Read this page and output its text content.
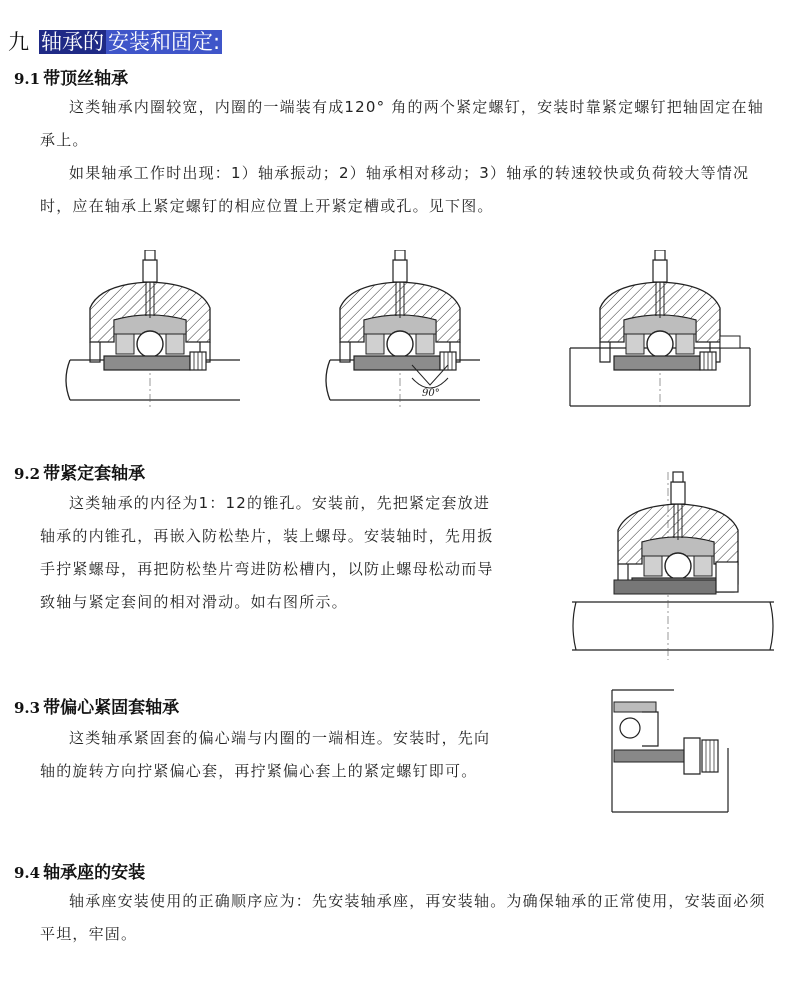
九 轴承的 安装和固定:
9.1 带顶丝轴承
这类轴承内圈较宽，内圈的一端装有成120° 角的两个紧定螺钉，安装时靠紧定螺钉把轴固定在轴承上。
如果轴承工作时出现：1）轴承振动；2）轴承相对移动；3）轴承的转速较快或负荷较大等情况时，应在轴承上紧定螺钉的相应位置上开紧定槽或孔。见下图。
90°
9.2 带紧定套轴承
这类轴承的内径为1：12的锥孔。安装前，先把紧定套放进轴承的内锥孔，再嵌入防松垫片，装上螺母。安装轴时，先用扳手拧紧螺母，再把防松垫片弯进防松槽内，以防止螺母松动而导致轴与紧定套间的相对滑动。如右图所示。
9.3 带偏心紧固套轴承
这类轴承紧固套的偏心端与内圈的一端相连。安装时，先向轴的旋转方向拧紧偏心套，再拧紧偏心套上的紧定螺钉即可。
9.4 轴承座的安装
轴承座安装使用的正确顺序应为：先安装轴承座，再安装轴。为确保轴承的正常使用，安装面必须平坦，牢固。
